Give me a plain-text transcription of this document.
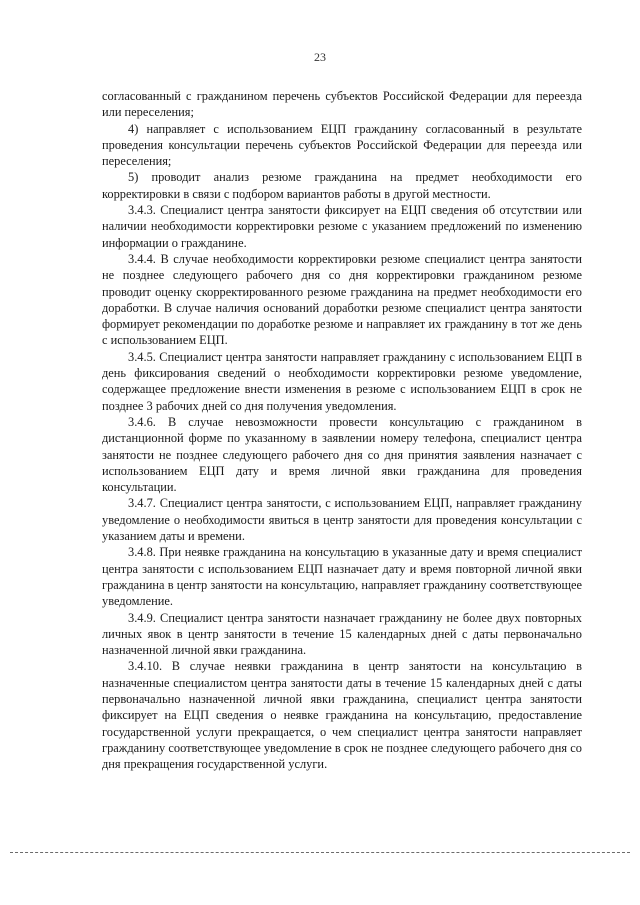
23

согласованный с гражданином перечень субъектов Российской Федерации для переезда или переселения;

4) направляет с использованием ЕЦП гражданину согласованный в результате проведения консультации перечень субъектов Российской Федерации для переезда или переселения;

5) проводит анализ резюме гражданина на предмет необходимости его корректировки в связи с подбором вариантов работы в другой местности.

3.4.3. Специалист центра занятости фиксирует на ЕЦП сведения об отсутствии или наличии необходимости корректировки резюме с указанием предложений по изменению информации о гражданине.

3.4.4. В случае необходимости корректировки резюме специалист центра занятости не позднее следующего рабочего дня со дня корректировки гражданином резюме проводит оценку скорректированного резюме гражданина на предмет необходимости его доработки. В случае наличия оснований доработки резюме специалист центра занятости формирует рекомендации по доработке резюме и направляет их гражданину в тот же день с использованием ЕЦП.

3.4.5. Специалист центра занятости направляет гражданину с использованием ЕЦП в день фиксирования сведений о необходимости корректировки резюме уведомление, содержащее предложение внести изменения в резюме с использованием ЕЦП в срок не позднее 3 рабочих дней со дня получения уведомления.

3.4.6. В случае невозможности провести консультацию с гражданином в дистанционной форме по указанному в заявлении номеру телефона, специалист центра занятости не позднее следующего рабочего дня со дня принятия заявления назначает с использованием ЕЦП дату и время личной явки гражданина для проведения консультации.

3.4.7. Специалист центра занятости, с использованием ЕЦП, направляет гражданину уведомление о необходимости явиться в центр занятости для проведения консультации с указанием даты и времени.

3.4.8. При неявке гражданина на консультацию в указанные дату и время специалист центра занятости с использованием ЕЦП назначает дату и время повторной личной явки гражданина в центр занятости на консультацию, направляет гражданину соответствующее уведомление.

3.4.9. Специалист центра занятости назначает гражданину не более двух повторных личных явок в центр занятости в течение 15 календарных дней с даты первоначально назначенной личной явки гражданина.

3.4.10. В случае неявки гражданина в центр занятости на консультацию в назначенные специалистом центра занятости даты в течение 15 календарных дней с даты первоначально назначенной личной явки гражданина, специалист центра занятости фиксирует на ЕЦП сведения о неявке гражданина на консультацию, предоставление государственной услуги прекращается, о чем специалист центра занятости направляет гражданину соответствующее уведомление в срок не позднее следующего рабочего дня со дня прекращения государственной услуги.
